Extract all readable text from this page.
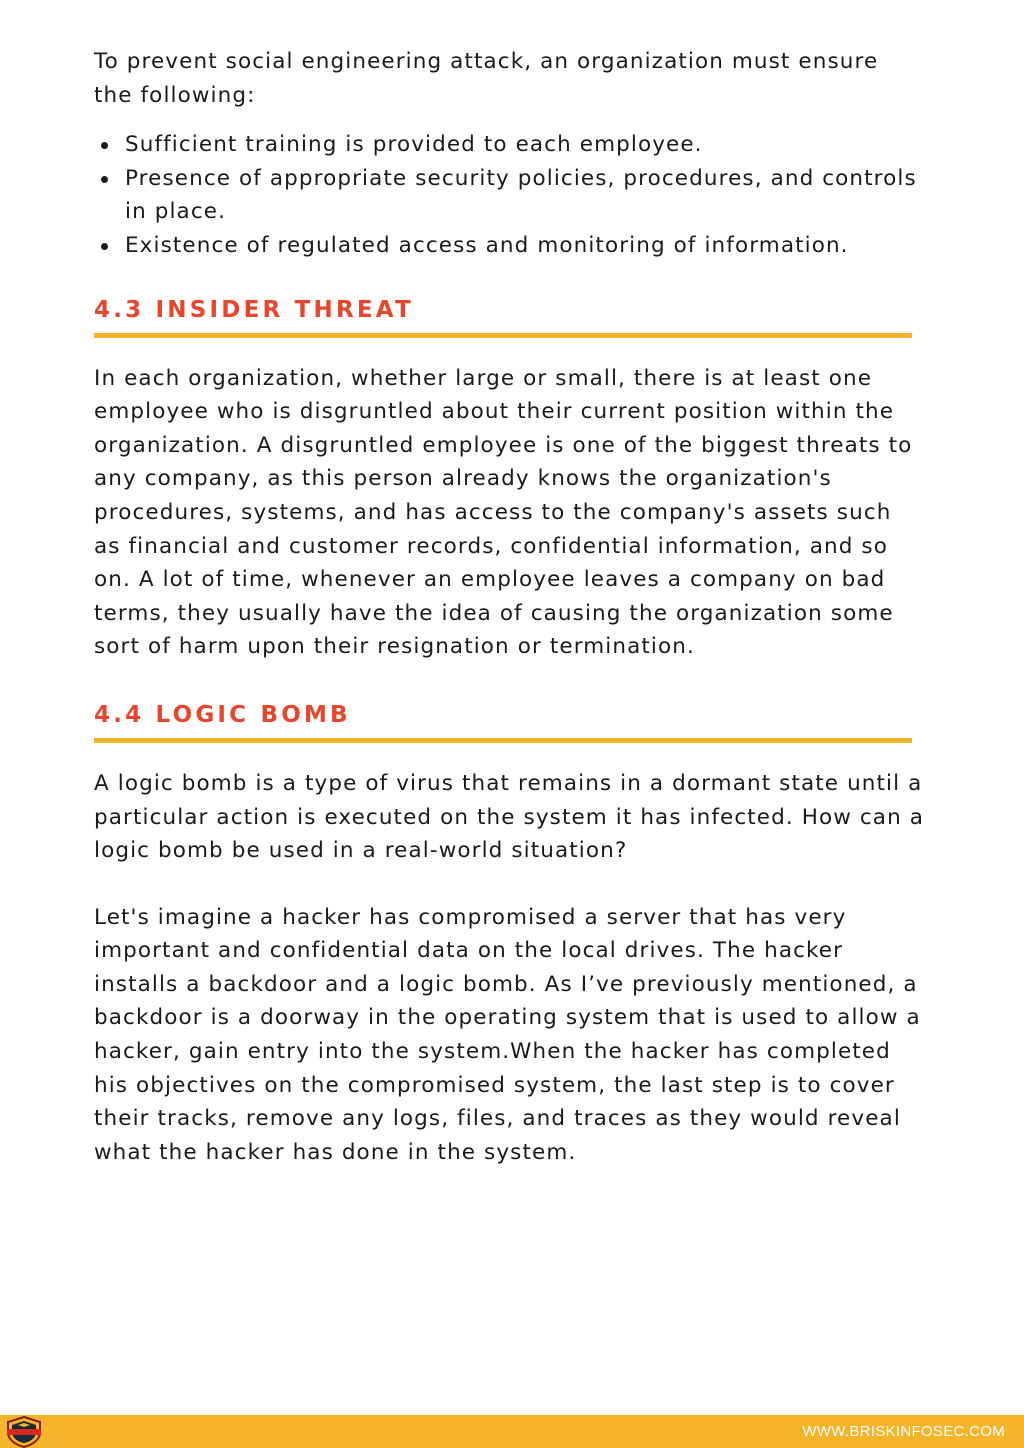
To prevent social engineering attack, an organization must ensure the following:

Sufficient training is provided to each employee.
Presence of appropriate security policies, procedures, and controls in place.
Existence of regulated access and monitoring of information.
4.3 INSIDER THREAT

In each organization, whether large or small, there is at least one employee who is disgruntled about their current position within the organization. A disgruntled employee is one of the biggest threats to any company, as this person already knows the organization's procedures, systems, and has access to the company's assets such as financial and customer records, confidential information, and so on. A lot of time, whenever an employee leaves a company on bad terms, they usually have the idea of causing the organization some sort of harm upon their resignation or termination.

4.4 LOGIC BOMB

A logic bomb is a type of virus that remains in a dormant state until a particular action is executed on the system it has infected. How can a logic bomb be used in a real-world situation?

Let's imagine a hacker has compromised a server that has very important and confidential data on the local drives. The hacker installs a backdoor and a logic bomb. As I’ve previously mentioned, a backdoor is a doorway in the operating system that is used to allow a hacker, gain entry into the system.When the hacker has completed his objectives on the compromised system, the last step is to cover their tracks, remove any logs, files, and traces as they would reveal what the hacker has done in the system.

WWW.BRISKINFOSEC.COM
